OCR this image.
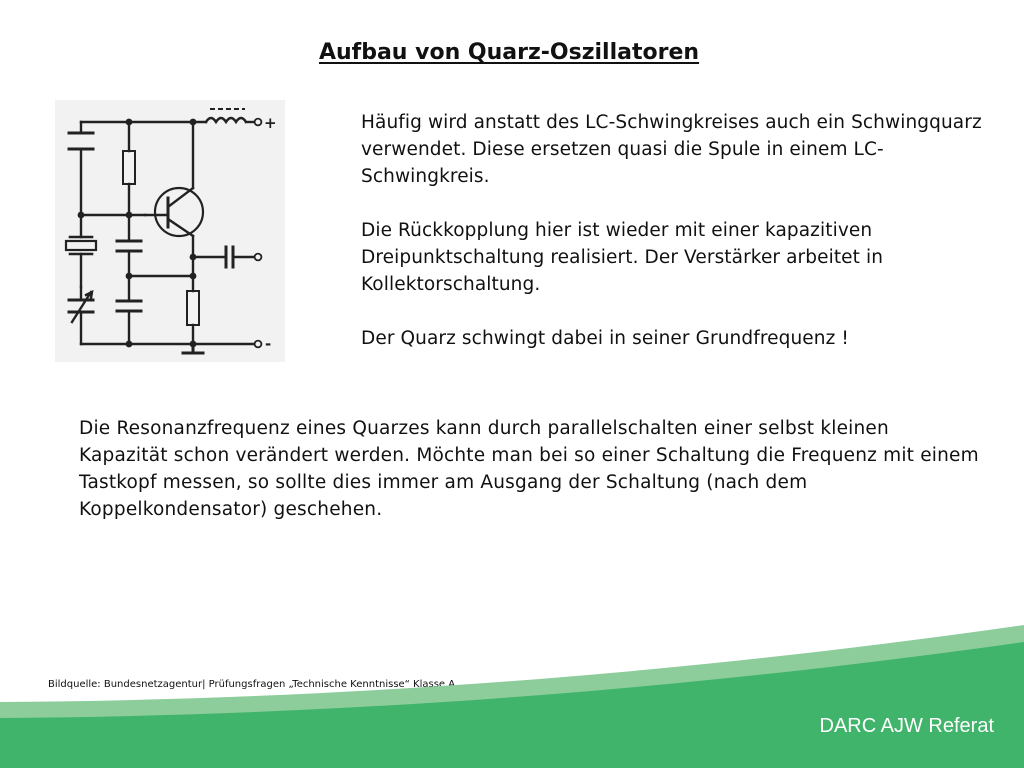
Aufbau von Quarz-Oszillatoren
+
-

Häufig wird anstatt des LC-Schwingkreises auch ein Schwingquarz verwendet. Diese ersetzen quasi die Spule in einem LC- Schwingkreis.

Die Rückkopplung hier ist wieder mit einer kapazitiven Dreipunktschaltung realisiert. Der Verstärker arbeitet in Kollektorschaltung.

Der Quarz schwingt dabei in seiner Grundfrequenz !

Die Resonanzfrequenz eines Quarzes kann durch parallelschalten einer selbst kleinen Kapazität schon verändert werden. Möchte man bei so einer Schaltung die Frequenz mit einem Tastkopf messen, so sollte dies immer am Ausgang der Schaltung (nach dem Koppelkondensator) geschehen.

Bildquelle: Bundesnetzagentur| Prüfungsfragen „Technische Kenntnisse“ Klasse A

DARC AJW Referat
